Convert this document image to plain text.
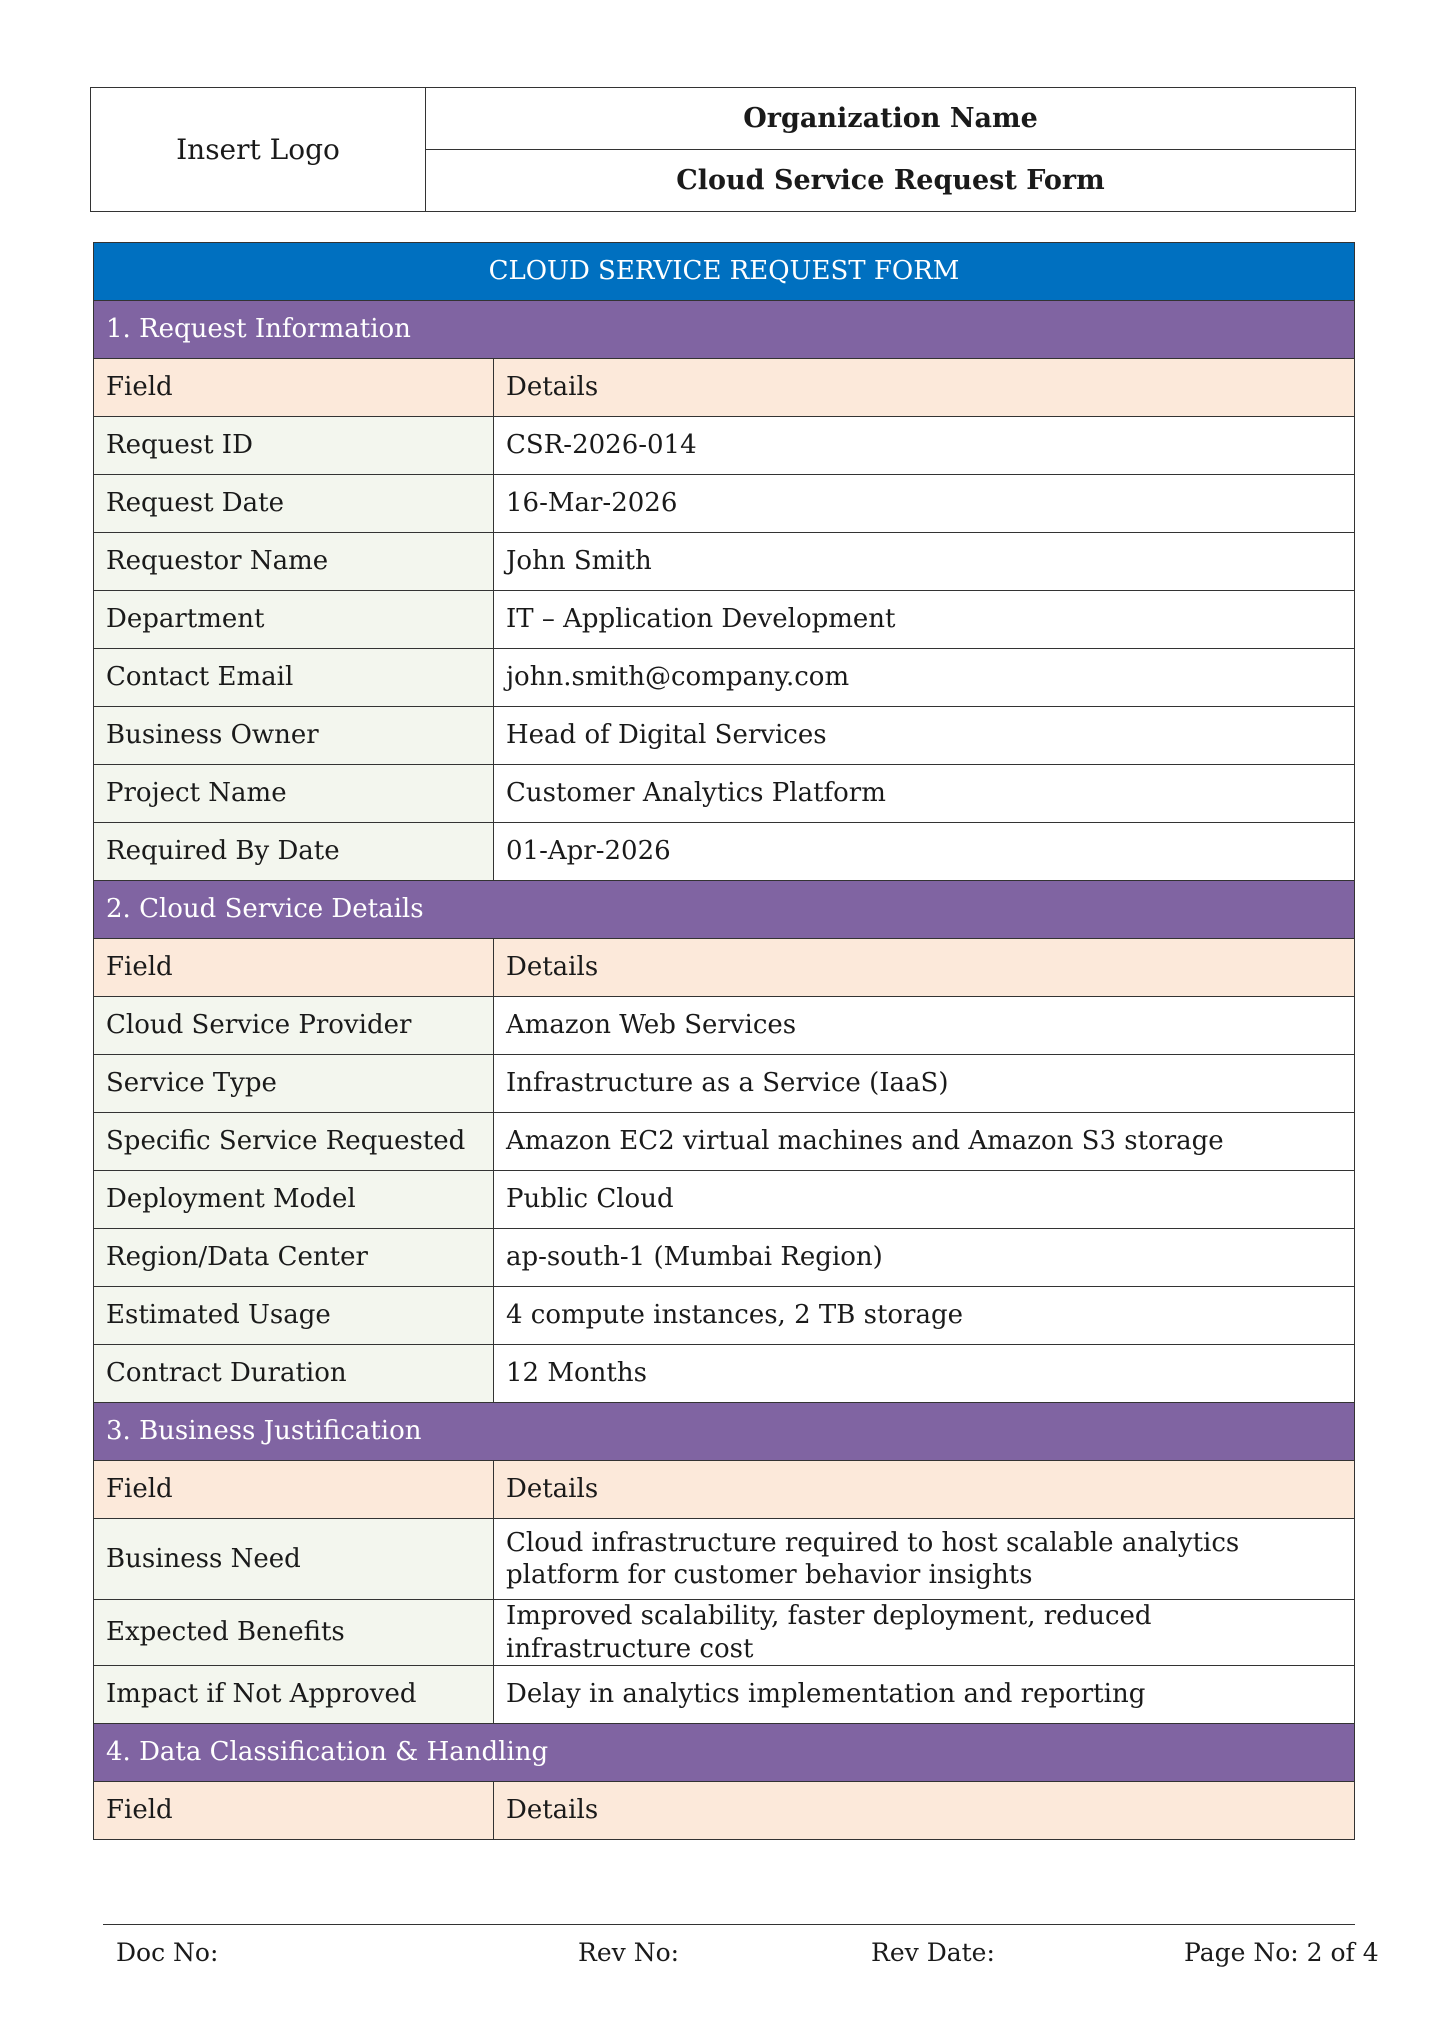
Insert Logo	Organization Name
Cloud Service Request Form
CLOUD SERVICE REQUEST FORM	
1. Request Information	
Field	Details
Request ID	CSR-2026-014
Request Date	16-Mar-2026
Requestor Name	John Smith
Department	IT – Application Development
Contact Email	john.smith@company.com
Business Owner	Head of Digital Services
Project Name	Customer Analytics Platform
Required By Date	01-Apr-2026
2. Cloud Service Details	
Field	Details
Cloud Service Provider	Amazon Web Services
Service Type	Infrastructure as a Service (IaaS)
Specific Service Requested	Amazon EC2 virtual machines and Amazon S3 storage
Deployment Model	Public Cloud
Region/Data Center	ap-south-1 (Mumbai Region)
Estimated Usage	4 compute instances, 2 TB storage
Contract Duration	12 Months
3. Business Justification	
Field	Details
Business Need	Cloud infrastructure required to host scalable analytics platform for customer behavior insights
Expected Benefits	Improved scalability, faster deployment, reduced infrastructure cost
Impact if Not Approved	Delay in analytics implementation and reporting
4. Data Classification & Handling	
Field	Details
Doc No:	Rev No:	Rev Date:	Page No: 2 of 4
